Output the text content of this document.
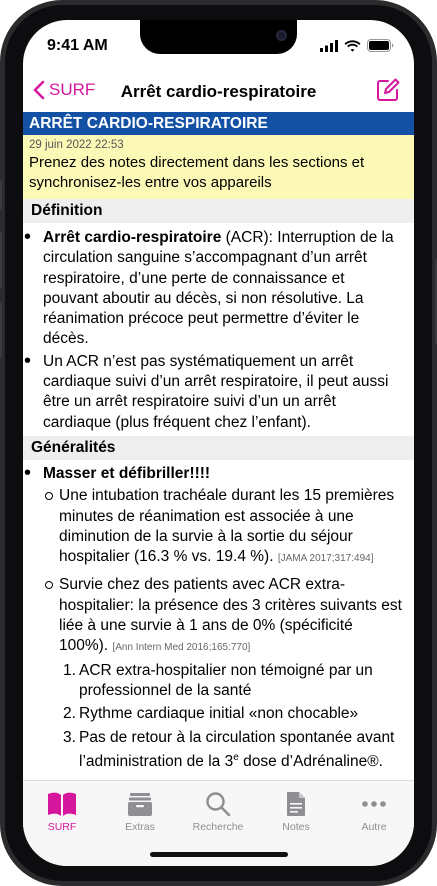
9:41 AM
SURF	Arrêt cardio-respiratoire
ARRÊT CARDIO-RESPIRATOIRE
29 juin 2022 22:53
Prenez des notes directement dans les sections et synchronisez-les entre vos appareils
Définition
• Arrêt cardio-respiratoire (ACR): Interruption de la circulation sanguine s’accompagnant d’un arrêt respiratoire, d’une perte de connaissance et pouvant aboutir au décès, si non résolutive. La réanimation précoce peut permettre d’éviter le décès.
• Un ACR n’est pas systématiquement un arrêt cardiaque suivi d’un arrêt respiratoire, il peut aussi être un arrêt respiratoire suivi d’un un arrêt cardiaque (plus fréquent chez l’enfant).
Généralités
• Masser et défibriller!!!!
Une intubation trachéale durant les 15 premières minutes de réanimation est associée à une diminution de la survie à la sortie du séjour hospitalier (16.3 % vs. 19.4 %). [JAMA 2017;317:494]
Survie chez des patients avec ACR extra-hospitalier: la présence des 3 critères suivants est liée à une survie à 1 ans de 0% (spécificité 100%). [Ann Intern Med 2016;165:770]
1. ACR extra-hospitalier non témoigné par un professionnel de la santé
2. Rythme cardiaque initial «non chocable»
3. Pas de retour à la circulation spontanée avant l’administration de la 3e dose d’Adrénaline®.
SURF	Extras	Recherche	Notes	Autre
